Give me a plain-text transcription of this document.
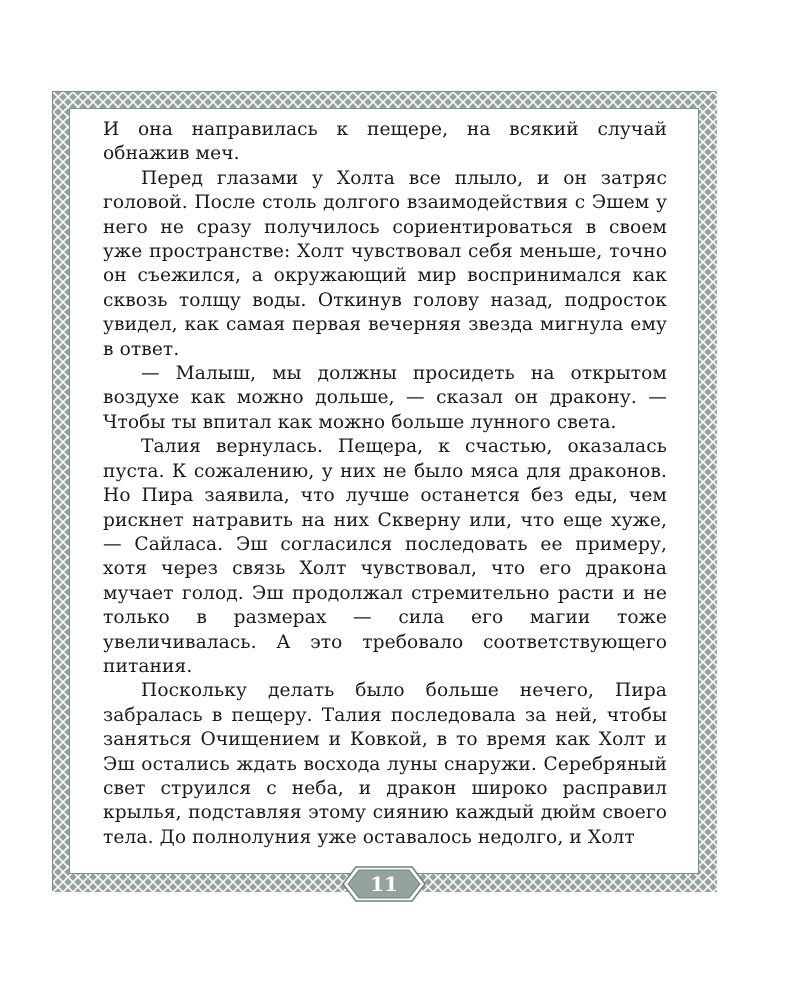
И она направилась к пещере, на всякий случай обнажив меч.

Перед глазами у Холта все плыло, и он затряс головой. После столь долгого взаимодействия с Эшем у него не сразу получилось сориентироваться в своем уже пространстве: Холт чувствовал себя меньше, точно он съежился, а окружающий мир воспринимался как сквозь толщу воды. Откинув голову назад, подросток увидел, как самая первая вечерняя звезда мигнула ему в ответ.

— Малыш, мы должны просидеть на открытом воздухе как можно дольше, — сказал он дракону. — Чтобы ты впитал как можно больше лунного света.

Талия вернулась. Пещера, к счастью, оказалась пуста. К сожалению, у них не было мяса для драконов. Но Пира заявила, что лучше останется без еды, чем рискнет натравить на них Скверну или, что еще хуже, — Сайласа. Эш согласился последовать ее примеру, хотя через связь Холт чувствовал, что его дракона мучает голод. Эш продолжал стремительно расти и не только в размерах — сила его магии тоже увеличивалась. А это требовало соответствующего питания.

Поскольку делать было больше нечего, Пира забралась в пещеру. Талия последовала за ней, чтобы заняться Очищением и Ковкой, в то время как Холт и Эш остались ждать восхода луны снаружи. Серебряный свет струился с неба, и дракон широко расправил крылья, подставляя этому сиянию каждый дюйм своего тела. До полнолуния уже оставалось недолго, и Холт

11
